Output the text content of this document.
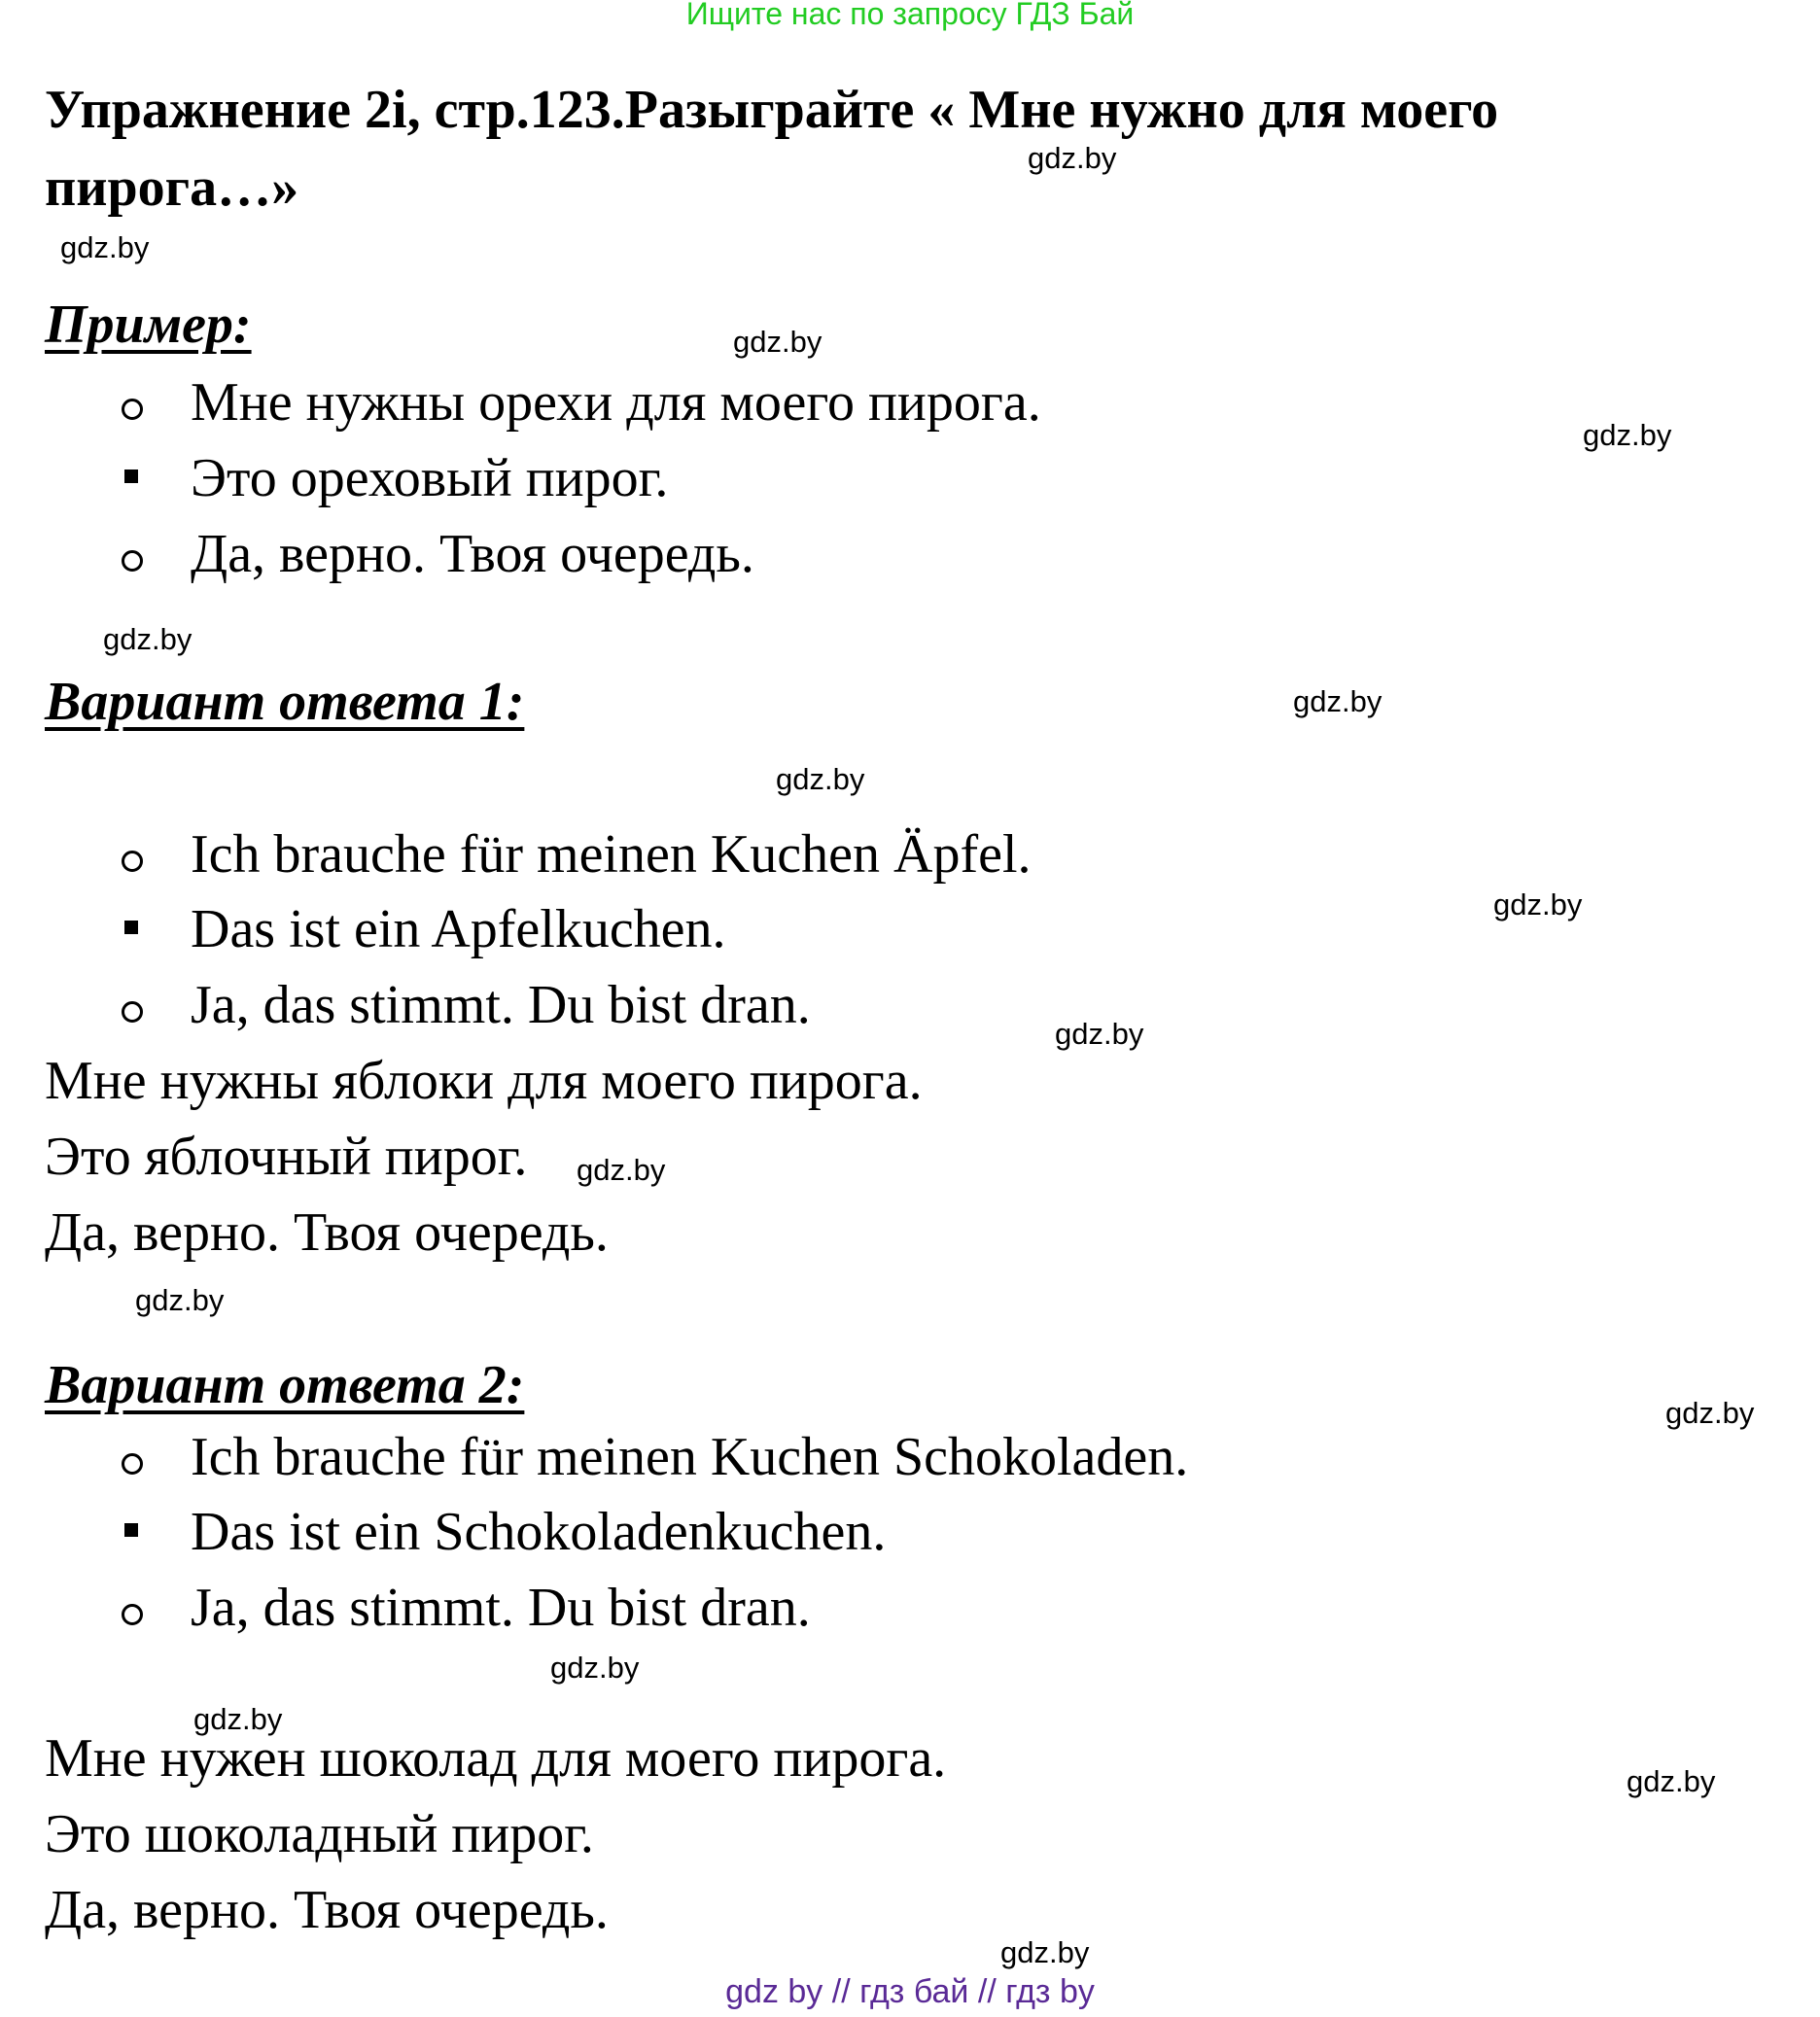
Ищите нас по запросу ГДЗ Бай
Упражнение 2i, стр.123.Разыграйте « Мне нужно для моего пирога…»
Пример:
Мне нужны орехи для моего пирога.
Это ореховый пирог.
Да, верно. Твоя очередь.
Вариант ответа 1:
Ich brauche für meinen Kuchen Äpfel.
Das ist ein Apfelkuchen.
Ja, das stimmt. Du bist dran.
Мне нужны яблоки для моего пирога.
Это яблочный пирог.
Да, верно. Твоя очередь.
Вариант ответа 2:
Ich brauche für meinen Kuchen Schokoladen.
Das ist ein Schokoladenkuchen.
Ja, das stimmt. Du bist dran.
Мне нужен шоколад для моего пирога.
Это шоколадный пирог.
Да, верно. Твоя очередь.
gdz.by
gdz.by
gdz.by
gdz.by
gdz.by
gdz.by
gdz.by
gdz.by
gdz.by
gdz.by
gdz.by
gdz.by
gdz.by
gdz.by
gdz.by
gdz.by
gdz by // гдз бай // гдз by
